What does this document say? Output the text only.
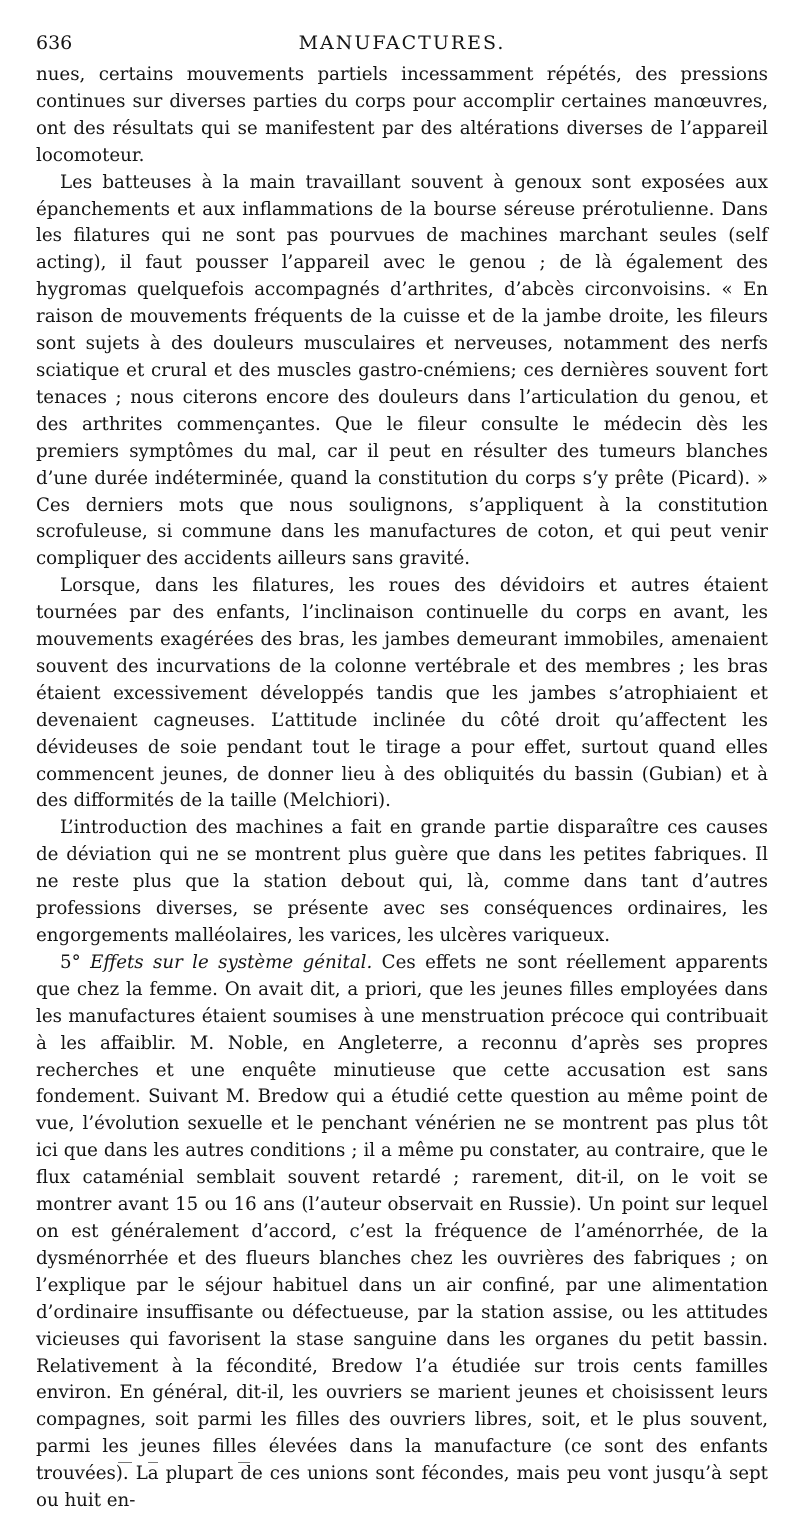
636	MANUFACTURES.

nues, certains mouvements partiels incessamment répétés, des pressions continues sur diverses parties du corps pour accomplir certaines manœuvres, ont des résultats qui se manifestent par des altérations diverses de l’appareil locomoteur.

Les batteuses à la main travaillant souvent à genoux sont exposées aux épanchements et aux inflammations de la bourse séreuse prérotulienne. Dans les filatures qui ne sont pas pourvues de machines marchant seules (self acting), il faut pousser l’appareil avec le genou ; de là également des hygromas quelquefois accompagnés d’arthrites, d’abcès circonvoisins. « En raison de mouvements fréquents de la cuisse et de la jambe droite, les fileurs sont sujets à des douleurs musculaires et nerveuses, notamment des nerfs sciatique et crural et des muscles gastro-cnémiens; ces dernières souvent fort tenaces ; nous citerons encore des douleurs dans l’articulation du genou, et des arthrites commençantes. Que le fileur consulte le médecin dès les premiers symptômes du mal, car il peut en résulter des tumeurs blanches d’une durée indéterminée, quand la constitution du corps s’y prête (Picard). » Ces derniers mots que nous soulignons, s’appliquent à la constitution scrofuleuse, si commune dans les manufactures de coton, et qui peut venir compliquer des accidents ailleurs sans gravité.

Lorsque, dans les filatures, les roues des dévidoirs et autres étaient tournées par des enfants, l’inclinaison continuelle du corps en avant, les mouvements exagérées des bras, les jambes demeurant immobiles, amenaient souvent des incurvations de la colonne vertébrale et des membres ; les bras étaient excessivement développés tandis que les jambes s’atrophiaient et devenaient cagneuses. L’attitude inclinée du côté droit qu’affectent les dévideuses de soie pendant tout le tirage a pour effet, surtout quand elles commencent jeunes, de donner lieu à des obliquités du bassin (Gubian) et à des difformités de la taille (Melchiori).

L’introduction des machines a fait en grande partie disparaître ces causes de déviation qui ne se montrent plus guère que dans les petites fabriques. Il ne reste plus que la station debout qui, là, comme dans tant d’autres professions diverses, se présente avec ses conséquences ordinaires, les engorgements malléolaires, les varices, les ulcères variqueux.

5° Effets sur le système génital. Ces effets ne sont réellement apparents que chez la femme. On avait dit, a priori, que les jeunes filles employées dans les manufactures étaient soumises à une menstruation précoce qui contribuait à les affaiblir. M. Noble, en Angleterre, a reconnu d’après ses propres recherches et une enquête minutieuse que cette accusation est sans fondement. Suivant M. Bredow qui a étudié cette question au même point de vue, l’évolution sexuelle et le penchant vénérien ne se montrent pas plus tôt ici que dans les autres conditions ; il a même pu constater, au contraire, que le flux cataménial semblait souvent retardé ; rarement, dit-il, on le voit se montrer avant 15 ou 16 ans (l’auteur observait en Russie). Un point sur lequel on est généralement d’accord, c’est la fréquence de l’aménorrhée, de la dysménorrhée et des flueurs blanches chez les ouvrières des fabriques ; on l’explique par le séjour habituel dans un air confiné, par une alimentation d’ordinaire insuffisante ou défectueuse, par la station assise, ou les attitudes vicieuses qui favorisent la stase sanguine dans les organes du petit bassin. Relativement à la fécondité, Bredow l’a étudiée sur trois cents familles environ. En général, dit-il, les ouvriers se marient jeunes et choisissent leurs compagnes, soit parmi les filles des ouvriers libres, soit, et le plus souvent, parmi les jeunes filles élevées dans la manufacture (ce sont des enfants trouvées). La plupart de ces unions sont fécondes, mais peu vont jusqu’à sept ou huit en-
